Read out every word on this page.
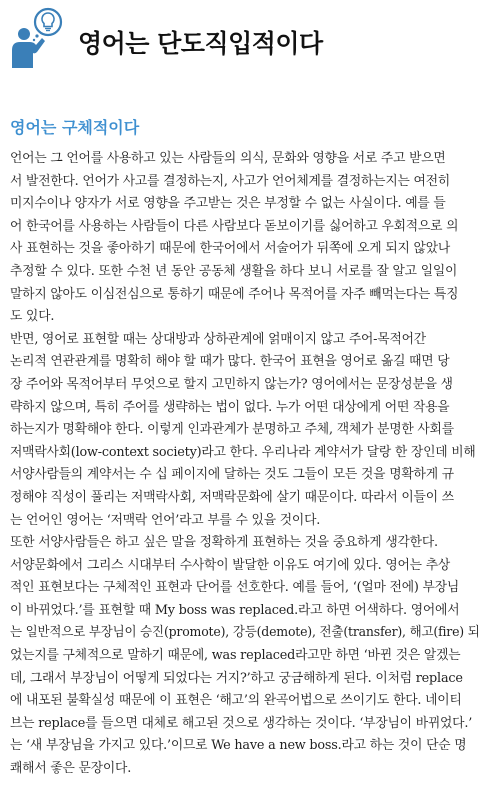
영어는 단도직입적이다
영어는 구체적이다
언어는 그 언어를 사용하고 있는 사람들의 의식, 문화와 영향을 서로 주고 받으면
서 발전한다. 언어가 사고를 결정하는지, 사고가 언어체계를 결정하는지는 여전히
미지수이나 양자가 서로 영향을 주고받는 것은 부정할 수 없는 사실이다. 예를 들
어 한국어를 사용하는 사람들이 다른 사람보다 돋보이기를 싫어하고 우회적으로 의
사 표현하는 것을 좋아하기 때문에 한국어에서 서술어가 뒤쪽에 오게 되지 않았나
추정할 수 있다. 또한 수천 년 동안 공동체 생활을 하다 보니 서로를 잘 알고 일일이
말하지 않아도 이심전심으로 통하기 때문에 주어나 목적어를 자주 빼먹는다는 특징
도 있다.
반면, 영어로 표현할 때는 상대방과 상하관계에 얽매이지 않고 주어-목적어간
논리적 연관관계를 명확히 해야 할 때가 많다. 한국어 표현을 영어로 옮길 때면 당
장 주어와 목적어부터 무엇으로 할지 고민하지 않는가? 영어에서는 문장성분을 생
략하지 않으며, 특히 주어를 생략하는 법이 없다. 누가 어떤 대상에게 어떤 작용을
하는지가 명확해야 한다. 이렇게 인과관계가 분명하고 주체, 객체가 분명한 사회를
저맥락사회(low-context society)라고 한다. 우리나라 계약서가 달랑 한 장인데 비해
서양사람들의 계약서는 수 십 페이지에 달하는 것도 그들이 모든 것을 명확하게 규
정해야 직성이 풀리는 저맥락사회, 저맥락문화에 살기 때문이다. 따라서 이들이 쓰
는 언어인 영어는 ‘저맥락 언어’라고 부를 수 있을 것이다.
또한 서양사람들은 하고 싶은 말을 정확하게 표현하는 것을 중요하게 생각한다.
서양문화에서 그리스 시대부터 수사학이 발달한 이유도 여기에 있다. 영어는 추상
적인 표현보다는 구체적인 표현과 단어를 선호한다. 예를 들어, ‘(얼마 전에) 부장님
이 바뀌었다.’를 표현할 때 My boss was replaced.라고 하면 어색하다. 영어에서
는 일반적으로 부장님이 승진(promote), 강등(demote), 전출(transfer), 해고(fire) 되
었는지를 구체적으로 말하기 때문에, was replaced라고만 하면 ‘바뀐 것은 알겠는
데, 그래서 부장님이 어떻게 되었다는 거지?’하고 궁금해하게 된다. 이처럼 replace
에 내포된 불확실성 때문에 이 표현은 ‘해고’의 완곡어법으로 쓰이기도 한다. 네이티
브는 replace를 들으면 대체로 해고된 것으로 생각하는 것이다. ‘부장님이 바뀌었다.’
는 ‘새 부장님을 가지고 있다.’이므로 We have a new boss.라고 하는 것이 단순 명
쾌해서 좋은 문장이다.
